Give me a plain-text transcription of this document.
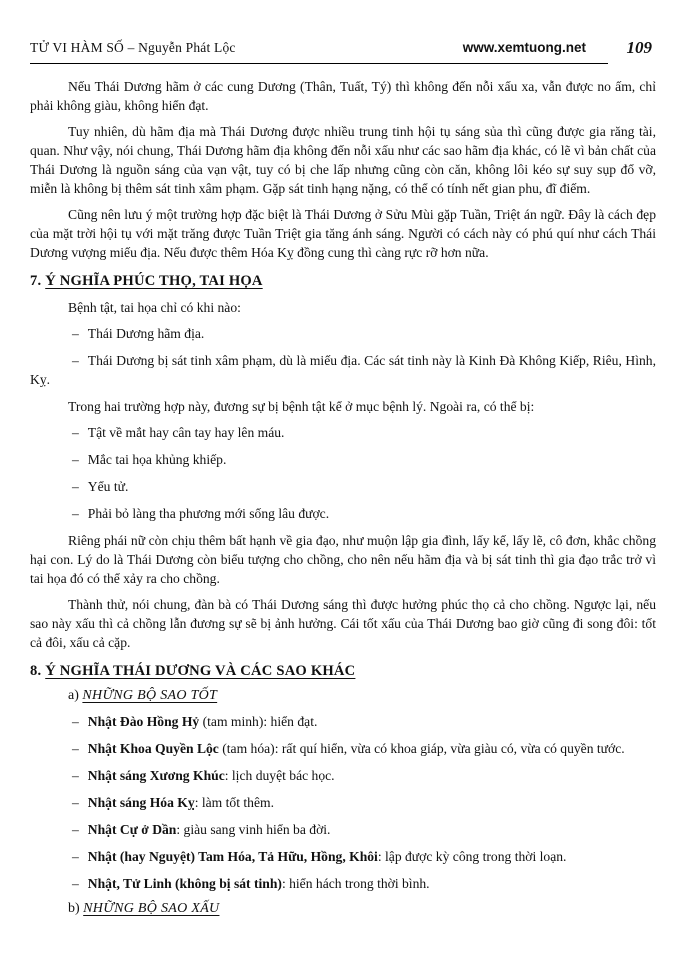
TỬ VI HÀM SỐ – Nguyễn Phát Lộc	www.xemtuong.net 109

Nếu Thái Dương hãm ở các cung Dương (Thân, Tuất, Tý) thì không đến nỗi xấu xa, vẫn được no ấm, chỉ phải không giàu, không hiển đạt.

Tuy nhiên, dù hãm địa mà Thái Dương được nhiều trung tinh hội tụ sáng sủa thì cũng được gia răng tài, quan. Như vậy, nói chung, Thái Dương hãm địa không đến nỗi xấu như các sao hãm địa khác, có lẽ vì bản chất của Thái Dương là nguồn sáng của vạn vật, tuy có bị che lấp nhưng cũng còn căn, không lôi kéo sự suy sụp đổ vỡ, miễn là không bị thêm sát tinh xâm phạm. Gặp sát tinh hạng nặng, có thể có tính nết gian phu, đĩ điếm.

Cũng nên lưu ý một trường hợp đặc biệt là Thái Dương ở Sửu Mùi gặp Tuần, Triệt án ngữ. Đây là cách đẹp của mặt trời hội tụ với mặt trăng được Tuần Triệt gia tăng ánh sáng. Người có cách này có phú quí như cách Thái Dương vượng miếu địa. Nếu được thêm Hóa Kỵ đồng cung thì càng rực rỡ hơn nữa.

7. Ý NGHĨA PHÚC THỌ, TAI HỌA

Bệnh tật, tai họa chỉ có khi nào:

– Thái Dương hãm địa.

– Thái Dương bị sát tinh xâm phạm, dù là miếu địa. Các sát tinh này là Kinh Đà Không Kiếp, Riêu, Hình, Kỵ.

Trong hai trường hợp này, đương sự bị bệnh tật kể ở mục bệnh lý. Ngoài ra, có thể bị:

– Tật về mắt hay cân tay hay lên máu.

– Mắc tai họa khủng khiếp.

– Yểu tử.

– Phải bỏ làng tha phương mới sống lâu được.

Riêng phái nữ còn chịu thêm bất hạnh về gia đạo, như muộn lập gia đình, lấy kế, lấy lẽ, cô đơn, khắc chồng hại con. Lý do là Thái Dương còn biểu tượng cho chồng, cho nên nếu hãm địa và bị sát tinh thì gia đạo trắc trở vì tai họa đó có thể xảy ra cho chồng.

Thành thử, nói chung, đàn bà có Thái Dương sáng thì được hưởng phúc thọ cả cho chồng. Ngược lại, nếu sao này xấu thì cả chồng lẫn đương sự sẽ bị ảnh hưởng. Cái tốt xấu của Thái Dương bao giờ cũng đi song đôi: tốt cả đôi, xấu cả cặp.

8. Ý NGHĨA THÁI DƯƠNG VÀ CÁC SAO KHÁC
a) NHỮNG BỘ SAO TỐT

– Nhật Đào Hồng Hỷ (tam minh): hiển đạt.

– Nhật Khoa Quyền Lộc (tam hóa): rất quí hiển, vừa có khoa giáp, vừa giàu có, vừa có quyền tước.

– Nhật sáng Xương Khúc: lịch duyệt bác học.

– Nhật sáng Hóa Kỵ: làm tốt thêm.

– Nhật Cự ở Dần: giàu sang vinh hiển ba đời.

– Nhật (hay Nguyệt) Tam Hóa, Tả Hữu, Hồng, Khôi: lập được kỳ công trong thời loạn.

– Nhật, Tử Linh (không bị sát tinh): hiển hách trong thời bình.

b) NHỮNG BỘ SAO XẤU
